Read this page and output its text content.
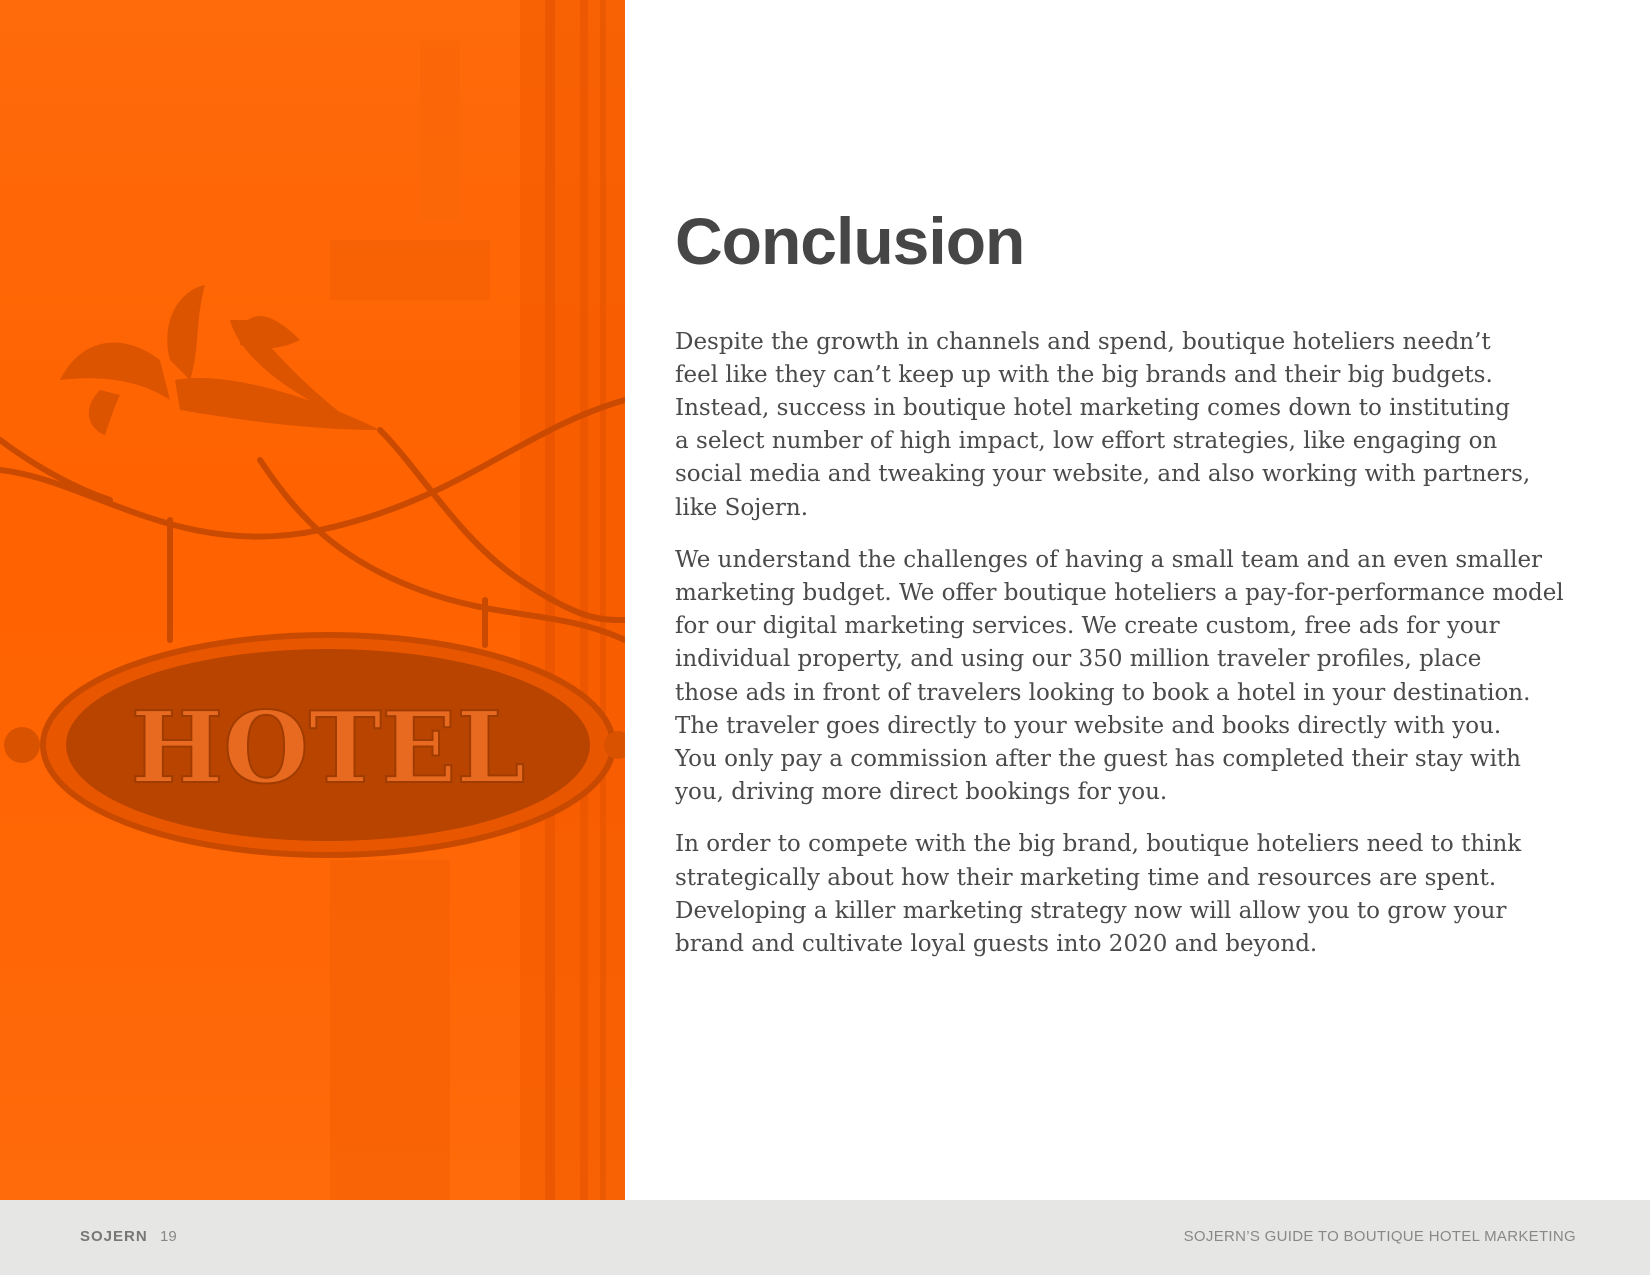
HOTEL
Conclusion

Despite the growth in channels and spend, boutique hoteliers needn’t
feel like they can’t keep up with the big brands and their big budgets.
Instead, success in boutique hotel marketing comes down to instituting
a select number of high impact, low effort strategies, like engaging on
social media and tweaking your website, and also working with partners,
like Sojern.

We understand the challenges of having a small team and an even smaller
marketing budget. We offer boutique hoteliers a pay-for-performance model
for our digital marketing services. We create custom, free ads for your
individual property, and using our 350 million traveler profiles, place
those ads in front of travelers looking to book a hotel in your destination.
The traveler goes directly to your website and books directly with you.
You only pay a commission after the guest has completed their stay with
you, driving more direct bookings for you.

In order to compete with the big brand, boutique hoteliers need to think
strategically about how their marketing time and resources are spent.
Developing a killer marketing strategy now will allow you to grow your
brand and cultivate loyal guests into 2020 and beyond.

SOJERN 19	SOJERN’S GUIDE TO BOUTIQUE HOTEL MARKETING
